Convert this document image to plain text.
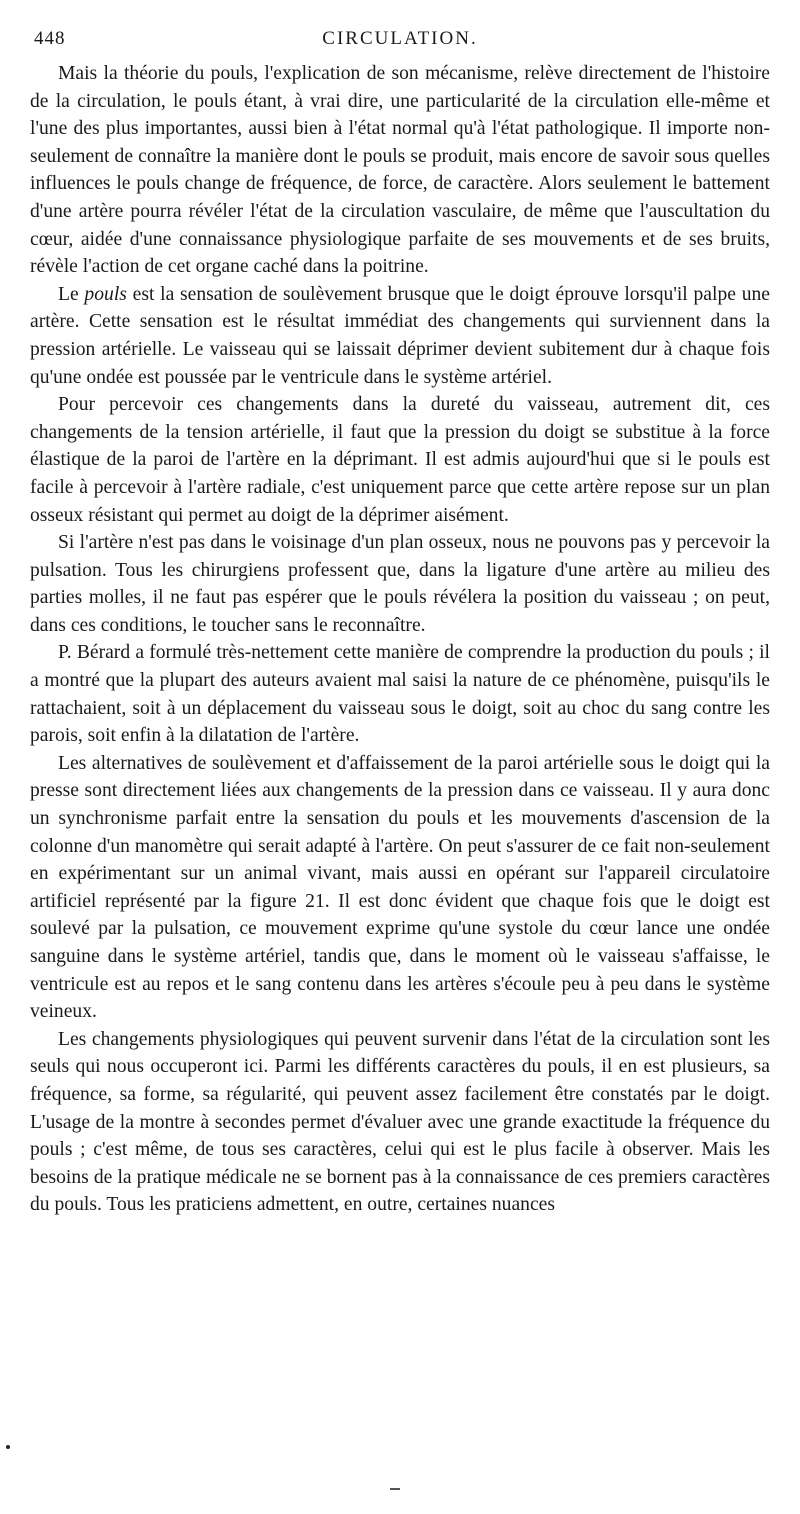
448	CIRCULATION.

Mais la théorie du pouls, l'explication de son mécanisme, relève directement de l'histoire de la circulation, le pouls étant, à vrai dire, une particularité de la circulation elle-même et l'une des plus importantes, aussi bien à l'état normal qu'à l'état pathologique. Il importe non-seulement de connaître la manière dont le pouls se produit, mais encore de savoir sous quelles influences le pouls change de fréquence, de force, de caractère. Alors seulement le battement d'une artère pourra révéler l'état de la circulation vasculaire, de même que l'auscultation du cœur, aidée d'une connaissance physiologique parfaite de ses mouvements et de ses bruits, révèle l'action de cet organe caché dans la poitrine.

Le pouls est la sensation de soulèvement brusque que le doigt éprouve lorsqu'il palpe une artère. Cette sensation est le résultat immédiat des changements qui surviennent dans la pression artérielle. Le vaisseau qui se laissait déprimer devient subitement dur à chaque fois qu'une ondée est poussée par le ventricule dans le système artériel.

Pour percevoir ces changements dans la dureté du vaisseau, autrement dit, ces changements de la tension artérielle, il faut que la pression du doigt se substitue à la force élastique de la paroi de l'artère en la déprimant. Il est admis aujourd'hui que si le pouls est facile à percevoir à l'artère radiale, c'est uniquement parce que cette artère repose sur un plan osseux résistant qui permet au doigt de la déprimer aisément.

Si l'artère n'est pas dans le voisinage d'un plan osseux, nous ne pouvons pas y percevoir la pulsation. Tous les chirurgiens professent que, dans la ligature d'une artère au milieu des parties molles, il ne faut pas espérer que le pouls révélera la position du vaisseau ; on peut, dans ces conditions, le toucher sans le reconnaître.

P. Bérard a formulé très-nettement cette manière de comprendre la production du pouls ; il a montré que la plupart des auteurs avaient mal saisi la nature de ce phénomène, puisqu'ils le rattachaient, soit à un déplacement du vaisseau sous le doigt, soit au choc du sang contre les parois, soit enfin à la dilatation de l'artère.

Les alternatives de soulèvement et d'affaissement de la paroi artérielle sous le doigt qui la presse sont directement liées aux changements de la pression dans ce vaisseau. Il y aura donc un synchronisme parfait entre la sensation du pouls et les mouvements d'ascension de la colonne d'un manomètre qui serait adapté à l'artère. On peut s'assurer de ce fait non-seulement en expérimentant sur un animal vivant, mais aussi en opérant sur l'appareil circulatoire artificiel représenté par la figure 21. Il est donc évident que chaque fois que le doigt est soulevé par la pulsation, ce mouvement exprime qu'une systole du cœur lance une ondée sanguine dans le système artériel, tandis que, dans le moment où le vaisseau s'affaisse, le ventricule est au repos et le sang contenu dans les artères s'écoule peu à peu dans le système veineux.

Les changements physiologiques qui peuvent survenir dans l'état de la circulation sont les seuls qui nous occuperont ici. Parmi les différents caractères du pouls, il en est plusieurs, sa fréquence, sa forme, sa régularité, qui peuvent assez facilement être constatés par le doigt. L'usage de la montre à secondes permet d'évaluer avec une grande exactitude la fréquence du pouls ; c'est même, de tous ses caractères, celui qui est le plus facile à observer. Mais les besoins de la pratique médicale ne se bornent pas à la connaissance de ces premiers caractères du pouls. Tous les praticiens admettent, en outre, certaines nuances
